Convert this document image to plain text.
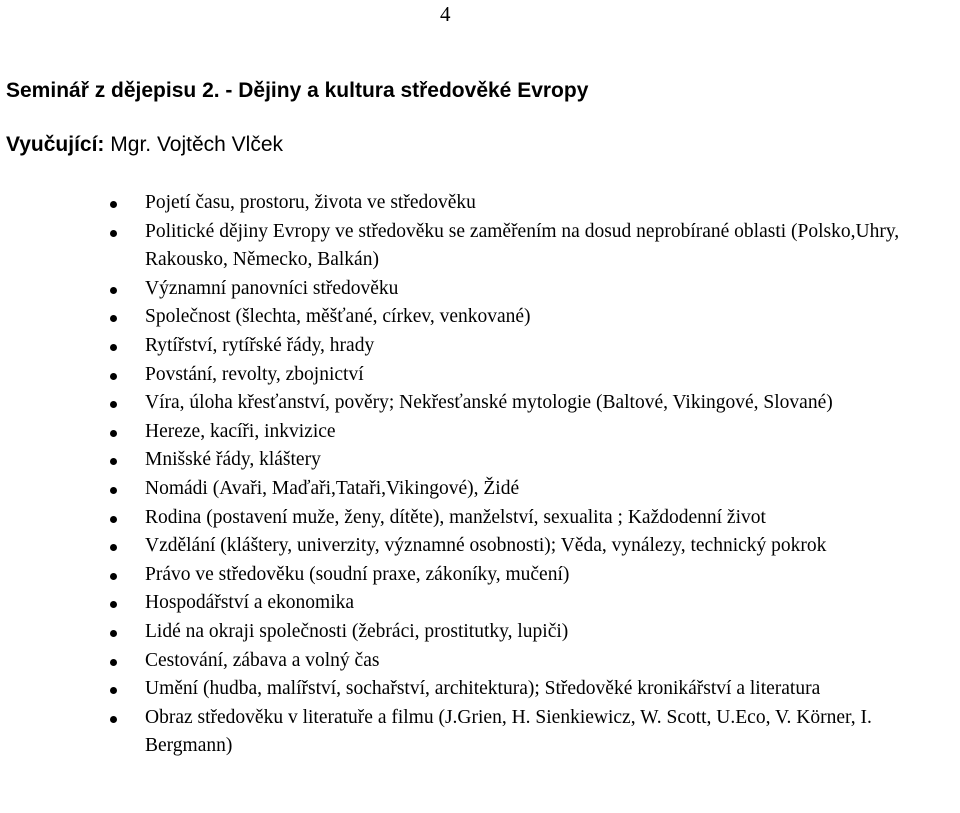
4
Seminář z dějepisu 2. - Dějiny a kultura středověké Evropy
Vyučující: Mgr. Vojtěch Vlček
Pojetí času, prostoru, života ve středověku
Politické dějiny Evropy ve středověku se zaměřením na dosud neprobírané oblasti (Polsko,Uhry, Rakousko, Německo, Balkán)
Významní panovníci středověku
Společnost (šlechta, měšťané, církev, venkované)
Rytířství, rytířské řády, hrady
Povstání, revolty, zbojnictví
Víra, úloha křesťanství, pověry; Nekřesťanské mytologie (Baltové, Vikingové, Slované)
Hereze, kacíři, inkvizice
Mnišské řády, kláštery
Nomádi (Avaři, Maďaři,Tataři,Vikingové), Židé
Rodina (postavení muže, ženy, dítěte), manželství, sexualita ; Každodenní život
Vzdělání (kláštery, univerzity, významné osobnosti); Věda, vynálezy, technický pokrok
Právo ve středověku (soudní praxe, zákoníky, mučení)
Hospodářství a ekonomika
Lidé na okraji společnosti (žebráci, prostitutky, lupiči)
Cestování, zábava a volný čas
Umění (hudba, malířství, sochařství, architektura); Středověké kronikářství a literatura
Obraz středověku v literatuře a filmu (J.Grien, H. Sienkiewicz, W. Scott, U.Eco, V. Körner, I. Bergmann)
